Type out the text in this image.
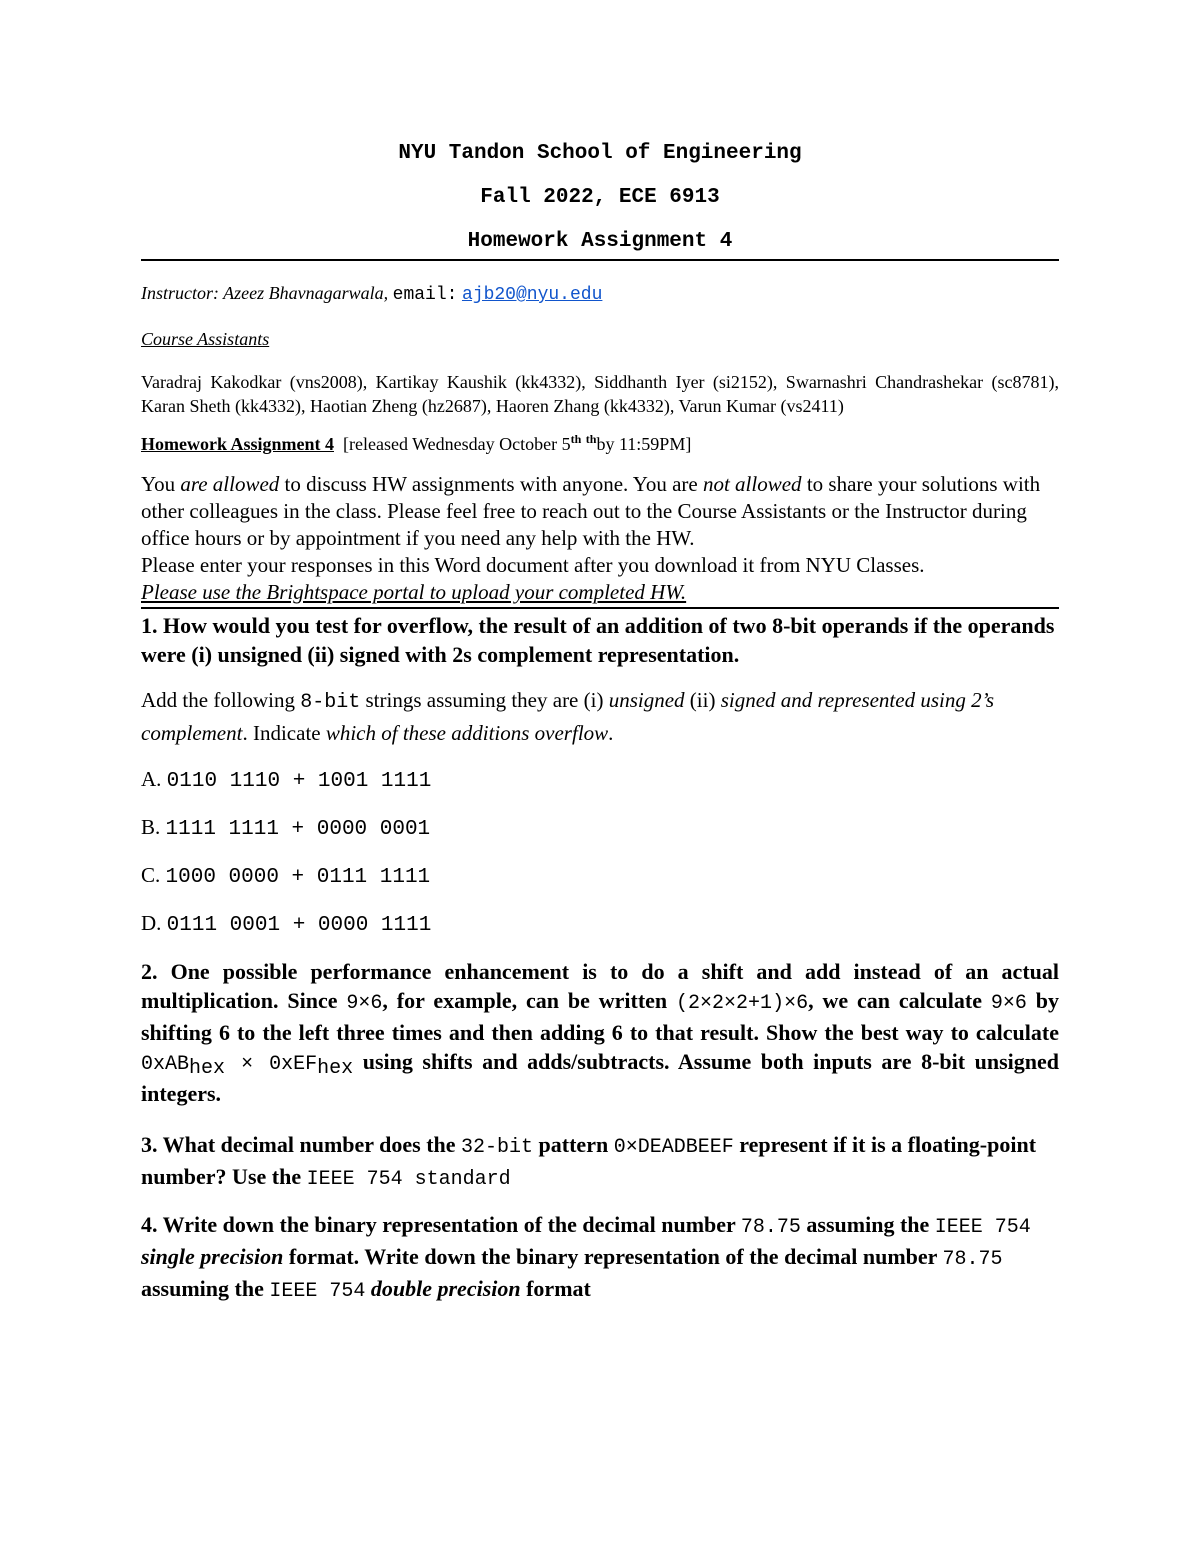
NYU Tandon School of Engineering

Fall 2022, ECE 6913

Homework Assignment 4

Instructor: Azeez Bhavnagarwala, email: ajb20@nyu.edu

Course Assistants

Varadraj Kakodkar (vns2008), Kartikay Kaushik (kk4332), Siddhanth Iyer (si2152), Swarnashri Chandrashekar (sc8781), Karan Sheth (kk4332), Haotian Zheng (hz2687), Haoren Zhang (kk4332), Varun Kumar (vs2411)

Homework Assignment 4 [released Wednesday October 5th $^{th}$by 11:59PM]

You are allowed to discuss HW assignments with anyone. You are not allowed to share your solutions with other colleagues in the class. Please feel free to reach out to the Course Assistants or the Instructor during office hours or by appointment if you need any help with the HW.
Please enter your responses in this Word document after you download it from NYU Classes.
Please use the Brightspace portal to upload your completed HW.

1. How would you test for overflow, the result of an addition of two 8-bit operands if the operands were (i) unsigned (ii) signed with 2s complement representation.

Add the following 8-bit strings assuming they are (i) unsigned (ii) signed and represented using 2’s complement. Indicate which of these additions overflow.

A. 0110 1110 + 1001 1111

B. 1111 1111 + 0000 0001

C. 1000 0000 + 0111 1111

D. 0111 0001 + 0000 1111

2. One possible performance enhancement is to do a shift and add instead of an actual multiplication. Since 9×6, for example, can be written (2×2×2+1)×6, we can calculate 9×6 by shifting 6 to the left three times and then adding 6 to that result. Show the best way to calculate 0xABhex × 0xEFhex using shifts and adds/subtracts. Assume both inputs are 8-bit unsigned integers.

3. What decimal number does the 32-bit pattern 0×DEADBEEF represent if it is a floating-point number? Use the IEEE 754 standard

4. Write down the binary representation of the decimal number 78.75 assuming the IEEE 754 single precision format. Write down the binary representation of the decimal number 78.75 assuming the IEEE 754 double precision format
